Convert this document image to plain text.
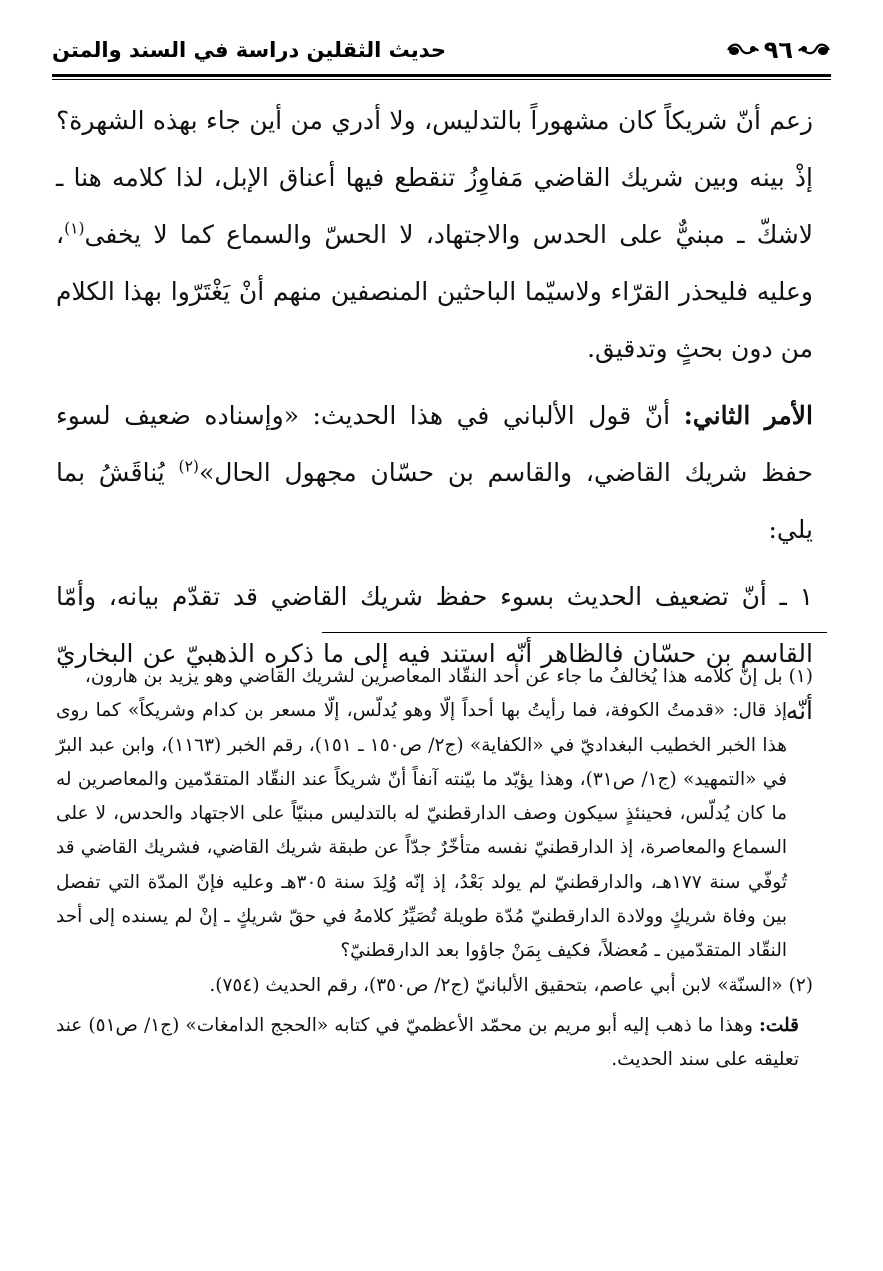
٩٦
حديث الثقلين دراسة في السند والمتن

زعم أنّ شريكاً كان مشهوراً بالتدليس، ولا أدري من أين جاء بهذه الشهرة؟ إذْ بينه وبين شريك القاضي مَفاوِزُ تنقطع فيها أعناق الإبل، لذا كلامه هنا ـ لاشكّ ـ مبنيٌّ على الحدس والاجتهاد، لا الحسّ والسماع كما لا يخفى$^{(١)}$، وعليه فليحذر القرّاء ولاسيّما الباحثين المنصفين منهم أنْ يَغْتَرّوا بهذا الكلام من دون بحثٍ وتدقيق.

الأمر الثاني: أنّ قول الألباني في هذا الحديث: «وإسناده ضعيف لسوء حفظ شريك القاضي، والقاسم بن حسّان مجهول الحال»$^{(٢)}$ يُناقَشُ بما يلي:

١ ـ أنّ تضعيف الحديث بسوء حفظ شريك القاضي قد تقدّم بيانه، وأمّا القاسم بن حسّان فالظاهر أنّه استند فيه إلى ما ذكره الذهبيّ عن البخاريّ أنّه

(١)بل إنّ كلامه هذا يُخالفُ ما جاء عن أحد النقّاد المعاصرين لشريك القاضي وهو يزيد بن هارون،

إذ قال: «قدمتُ الكوفة، فما رأيتُ بها أحداً إلّا وهو يُدلّس، إلّا مسعر بن كدام وشريكاً» كما روى هذا الخبر الخطيب البغداديّ في «الكفاية» (ج٢/ ص١٥٠ ـ ١٥١)، رقم الخبر (١١٦٣)، وابن عبد البرّ في «التمهيد» (ج١/ ص٣١)، وهذا يؤيّد ما بيّنته آنفاً أنّ شريكاً عند النقّاد المتقدّمين والمعاصرين له ما كان يُدلّس، فحينئذٍ سيكون وصف الدارقطنيّ له بالتدليس مبنيّاً على الاجتهاد والحدس، لا على السماع والمعاصرة، إذ الدارقطنيّ نفسه متأخّرٌ جدّاً عن طبقة شريك القاضي، فشريك القاضي قد تُوفّي سنة ١٧٧هـ، والدارقطنيّ لم يولد بَعْدُ، إذ إنّه وُلِدَ سنة ٣٠٥هـ وعليه فإنّ المدّة التي تفصل بين وفاة شريكٍ وولادة الدارقطنيّ مُدّة طويلة تُصَيِّرُ كلامهُ في حقّ شريكٍ ـ إنْ لم يسنده إلى أحد النقّاد المتقدّمين ـ مُعضلاً، فكيف بِمَنْ جاؤوا بعد الدارقطنيّ؟

(٢)«السنّة» لابن أبي عاصم، بتحقيق الألبانيّ (ج٢/ ص٣٥٠)، رقم الحديث (٧٥٤).

قلت: وهذا ما ذهب إليه أبو مريم بن محمّد الأعظميّ في كتابه «الحجج الدامغات» (ج١/ ص٥١) عند تعليقه على سند الحديث.
